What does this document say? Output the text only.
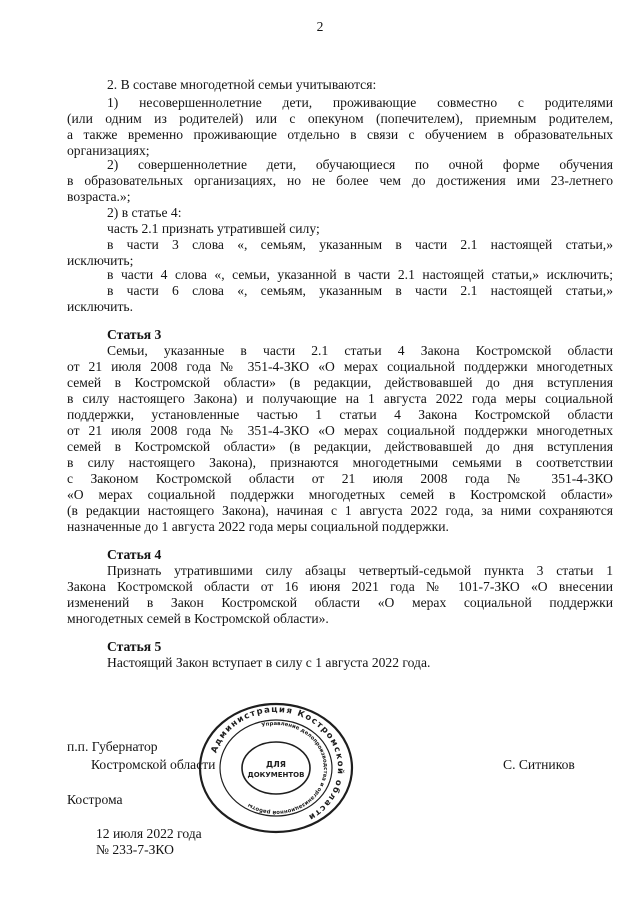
2
2. В составе многодетной семьи учитываются:
1) несовершеннолетние дети, проживающие совместно с родителями
(или одним из родителей) или с опекуном (попечителем), приемным родителем,
а также временно проживающие отдельно в связи с обучением в образовательных
организациях;
2) совершеннолетние дети, обучающиеся по очной форме обучения
в образовательных организациях, но не более чем до достижения ими 23-летнего
возраста.»;
2) в статье 4:
часть 2.1 признать утратившей силу;
в части 3 слова «, семьям, указанным в части 2.1 настоящей статьи,»
исключить;
в части 4 слова «, семьи, указанной в части 2.1 настоящей статьи,» исключить;
в части 6 слова «, семьям, указанным в части 2.1 настоящей статьи,»
исключить.
Статья 3
Семьи, указанные в части 2.1 статьи 4 Закона Костромской области
от 21 июля 2008 года № 351-4-ЗКО «О мерах социальной поддержки многодетных
семей в Костромской области» (в редакции, действовавшей до дня вступления
в силу настоящего Закона) и получающие на 1 августа 2022 года меры социальной
поддержки, установленные частью 1 статьи 4 Закона Костромской области
от 21 июля 2008 года № 351-4-ЗКО «О мерах социальной поддержки многодетных
семей в Костромской области» (в редакции, действовавшей до дня вступления
в силу настоящего Закона), признаются многодетными семьями в соответствии
с Законом Костромской области от 21 июля 2008 года № 351-4-ЗКО
«О мерах социальной поддержки многодетных семей в Костромской области»
(в редакции настоящего Закона), начиная с 1 августа 2022 года, за ними сохраняются
назначенные до 1 августа 2022 года меры социальной поддержки.
Статья 4
Признать утратившими силу абзацы четвертый-седьмой пункта 3 статьи 1
Закона Костромской области от 16 июня 2021 года № 101-7-ЗКО «О внесении
изменений в Закон Костромской области «О мерах социальной поддержки
многодетных семей в Костромской области».
Статья 5
Настоящий Закон вступает в силу с 1 августа 2022 года.
п.п. Губернатор
Костромской области	С. Ситников
Кострома
12 июля 2022 года
№ 233-7-ЗКО
Администрация Костромской области
Управление делопроизводства и организационной работы
ДЛЯ
ДОКУМЕНТОВ
